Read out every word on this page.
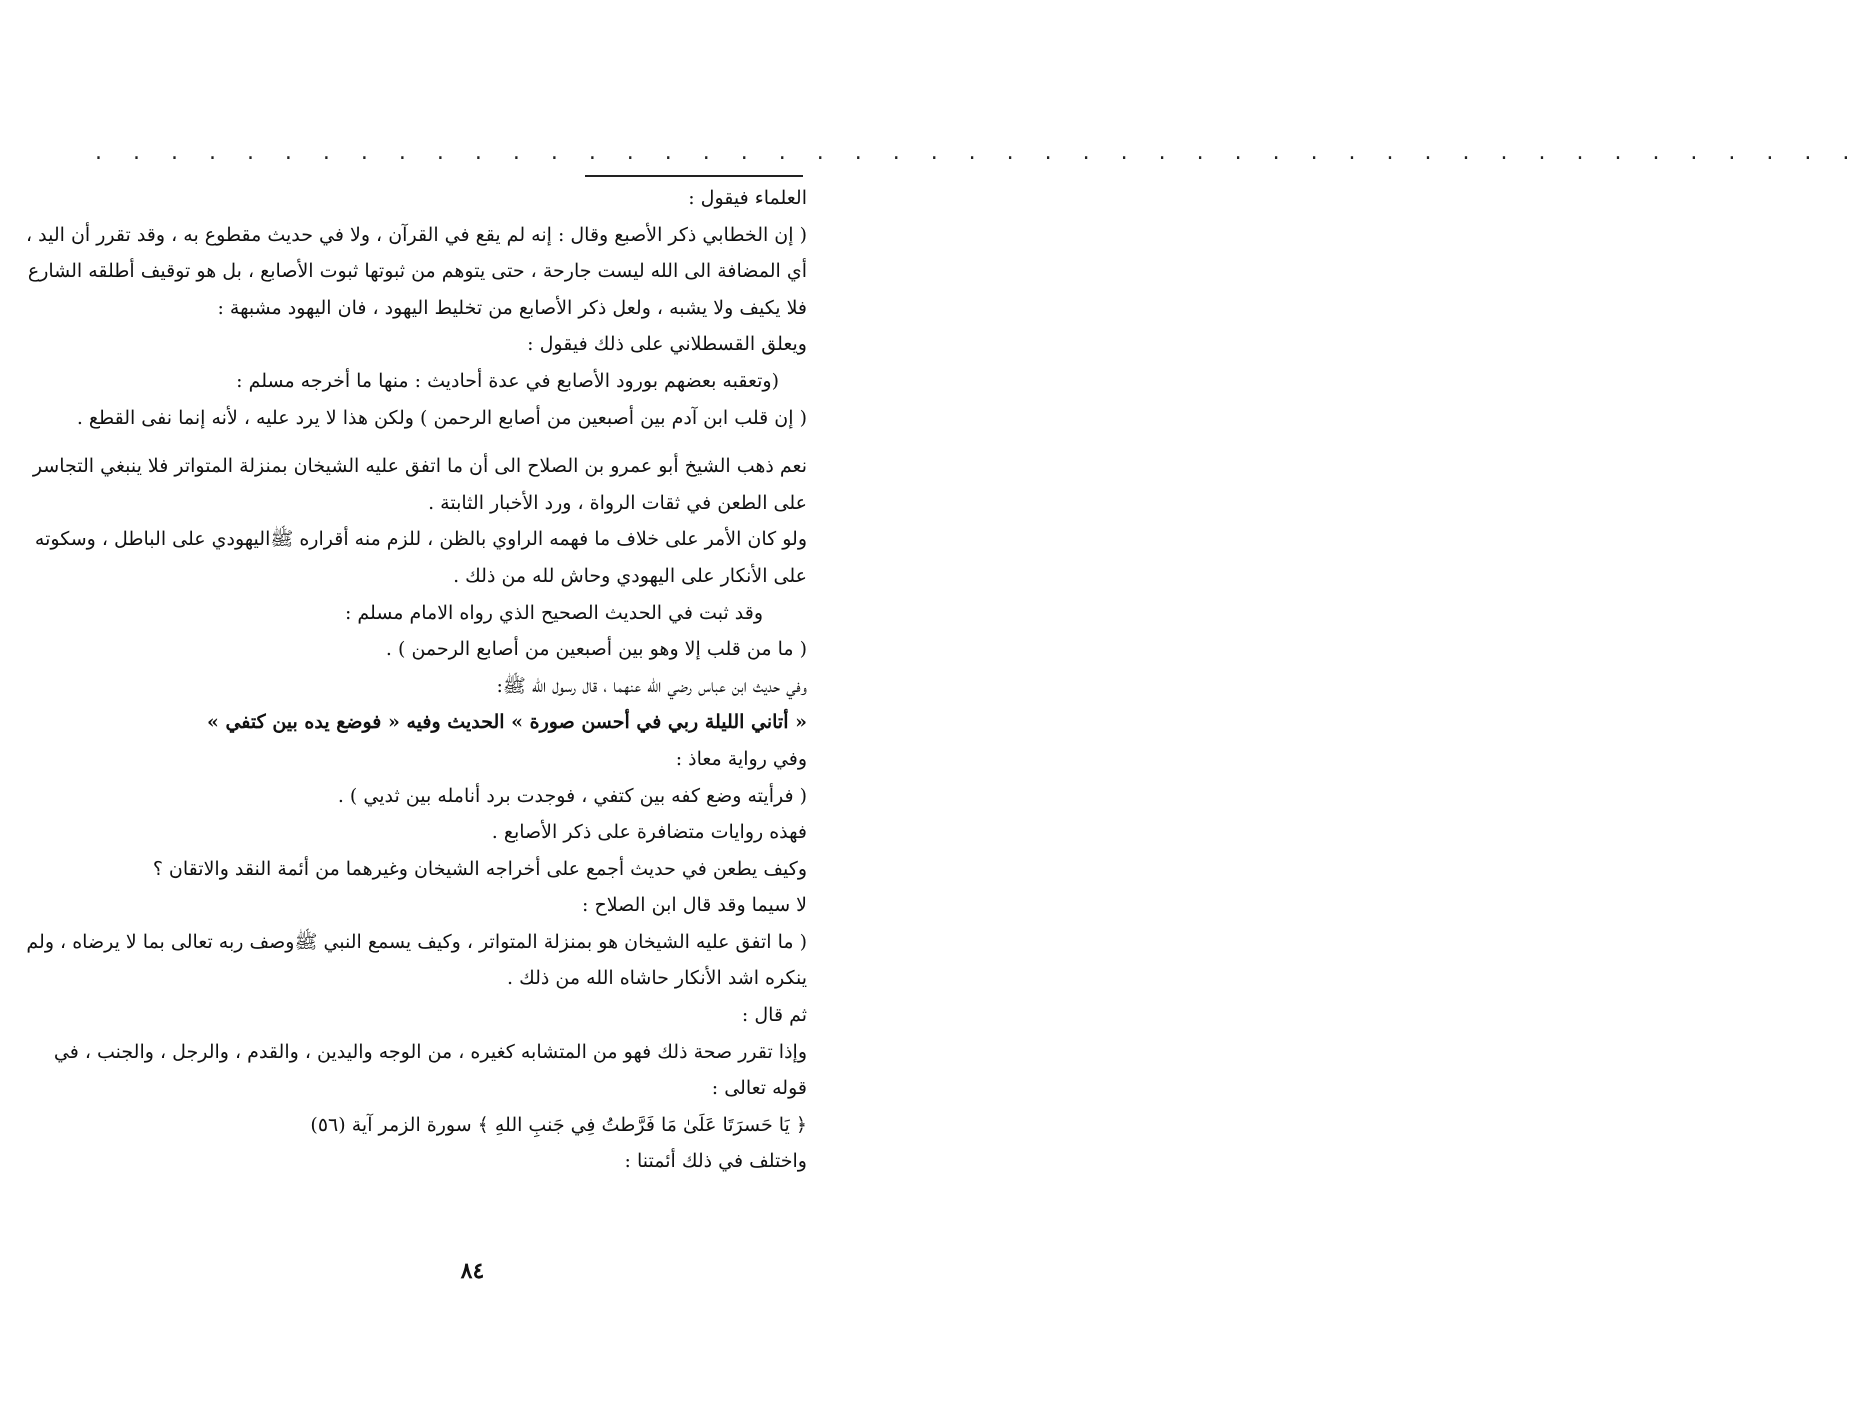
. . . . . . . . . . . . . . . . . . . . . . . . . . . . . . . . . . . . . . . . . . . . . . .
العلماء فيقول :
( إن الخطابي ذكر الأصبع وقال : إنه لم يقع في القرآن ، ولا في حديث مقطوع به ، وقد تقرر أن اليد ،
أي المضافة الى الله ليست جارحة ، حتى يتوهم من ثبوتها ثبوت الأصابع ، بل هو توقيف أطلقه الشارع
فلا يكيف ولا يشبه ، ولعل ذكر الأصابع من تخليط اليهود ، فان اليهود مشبهة :
ويعلق القسطلاني على ذلك فيقول :
(وتعقبه بعضهم بورود الأصابع في عدة أحاديث : منها ما أخرجه مسلم :
( إن قلب ابن آدم بين أصبعين من أصابع الرحمن ) ولكن هذا لا يرد عليه ، لأنه إنما نفى القطع .
نعم ذهب الشيخ أبو عمرو بن الصلاح الى أن ما اتفق عليه الشيخان بمنزلة المتواتر فلا ينبغي التجاسر
على الطعن في ثقات الرواة ، ورد الأخبار الثابتة .
ولو كان الأمر على خلاف ما فهمه الراوي بالظن ، للزم منه أقراره ﷺاليهودي على الباطل ، وسكوته
على الأنكار على اليهودي وحاش لله من ذلك .
وقد ثبت في الحديث الصحيح الذي رواه الامام مسلم :
( ما من قلب إلا وهو بين أصبعين من أصابع الرحمن ) .
وفي حديث ابن عباس رضي الله عنهما ، قال رسول الله ﷺ:
« أتاني الليلة ربي في أحسن صورة » الحديث وفيه « فوضع يده بين كتفي »
وفي رواية معاذ :
( فرأيته وضع كفه بين كتفي ، فوجدت برد أنامله بين ثديي ) .
فهذه روايات متضافرة على ذكر الأصابع .
وكيف يطعن في حديث أجمع على أخراجه الشيخان وغيرهما من أئمة النقد والاتقان ؟
لا سيما وقد قال ابن الصلاح :
( ما اتفق عليه الشيخان هو بمنزلة المتواتر ، وكيف يسمع النبي ﷺوصف ربه تعالى بما لا يرضاه ، ولم
ينكره اشد الأنكار حاشاه الله من ذلك .
ثم قال :
وإذا تقرر صحة ذلك فهو من المتشابه كغيره ، من الوجه واليدين ، والقدم ، والرجل ، والجنب ، في
قوله تعالى :
﴿ يَا حَسرَتَا عَلَىٰ مَا فَرَّطتُ فِي جَنبِ اللهِ ﴾ سورة الزمر آية (٥٦)
واختلف في ذلك أئمتنا :
٨٤
